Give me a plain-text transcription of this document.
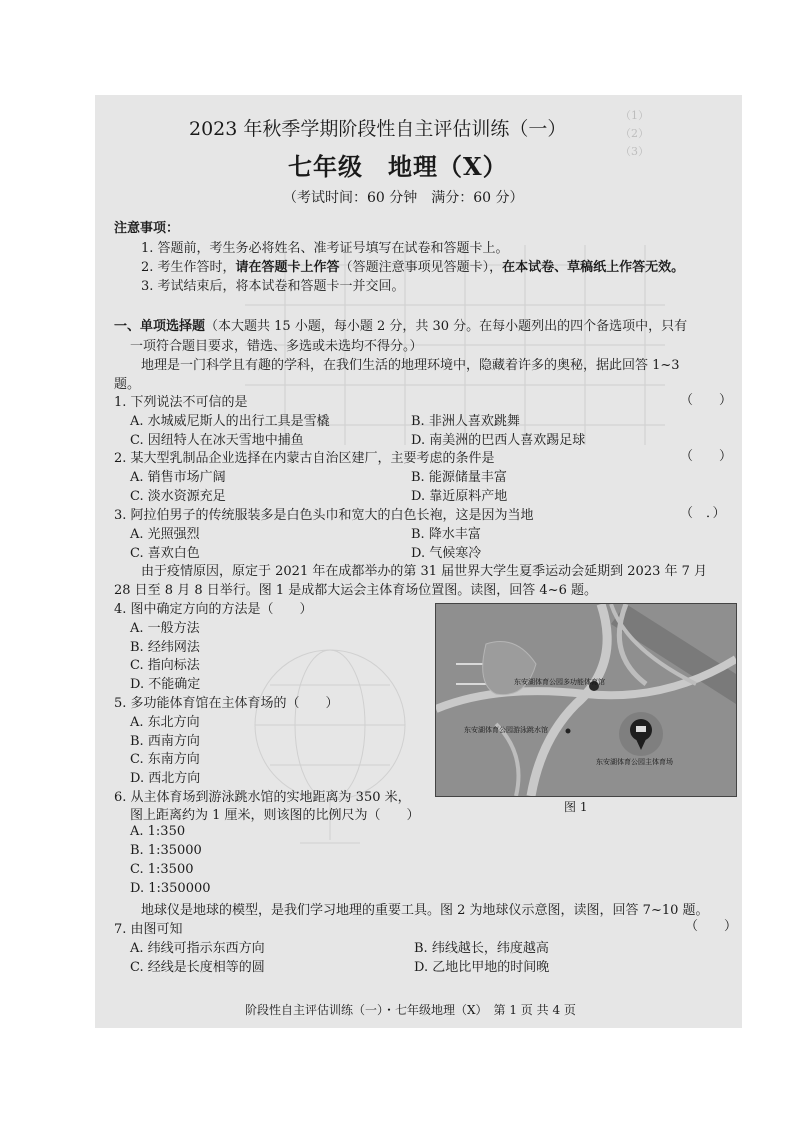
（1）　　　　
（2）　　　　
（3）　　　　

2023 年秋季学期阶段性自主评估训练（一）
七年级　地理（X）
（考试时间：60 分钟　满分：60 分）
注意事项：
1. 答题前，考生务必将姓名、准考证号填写在试卷和答题卡上。
2. 考生作答时，请在答题卡上作答（答题注意事项见答题卡），在本试卷、草稿纸上作答无效。
3. 考试结束后，将本试卷和答题卡一并交回。
一、单项选择题（本大题共 15 小题，每小题 2 分，共 30 分。在每小题列出的四个备选项中，只有
一项符合题目要求，错选、多选或未选均不得分。）
地理是一门科学且有趣的学科，在我们生活的地理环境中，隐藏着许多的奥秘，据此回答 1~3
题。
1. 下列说法不可信的是	（　　）
A. 水城威尼斯人的出行工具是雪橇	B. 非洲人喜欢跳舞
C. 因纽特人在冰天雪地中捕鱼	D. 南美洲的巴西人喜欢踢足球
2. 某大型乳制品企业选择在内蒙古自治区建厂，主要考虑的条件是	（　　）
A. 销售市场广阔	B. 能源储量丰富
C. 淡水资源充足	D. 靠近原料产地
3. 阿拉伯男子的传统服装多是白色头巾和宽大的白色长袍，这是因为当地	（　．）
A. 光照强烈	B. 降水丰富
C. 喜欢白色	D. 气候寒冷
由于疫情原因，原定于 2021 年在成都举办的第 31 届世界大学生夏季运动会延期到 2023 年 7 月
28 日至 8 月 8 日举行。图 1 是成都大运会主体育场位置图。读图，回答 4~6 题。
4. 图中确定方向的方法是（　　）
A. 一般方法
B. 经纬网法
C. 指向标法
D. 不能确定
5. 多功能体育馆在主体育场的（　　）
A. 东北方向
B. 西南方向
C. 东南方向
D. 西北方向
6. 从主体育场到游泳跳水馆的实地距离为 350 米，
图上距离约为 1 厘米，则该图的比例尺为（　　）
A. 1:350
B. 1:35000
C. 1:3500
D. 1:350000
东安湖体育公园多功能体育馆
东安湖体育公园游泳跳水馆
东安湖体育公园主体育场
图 1
地球仪是地球的模型，是我们学习地理的重要工具。图 2 为地球仪示意图，读图，回答 7~10 题。
7. 由图可知	（　　）
A. 纬线可指示东西方向	B. 纬线越长，纬度越高
C. 经线是长度相等的圆	D. 乙地比甲地的时间晚
阶段性自主评估训练（一）・七年级地理（X）　第 1 页 共 4 页
